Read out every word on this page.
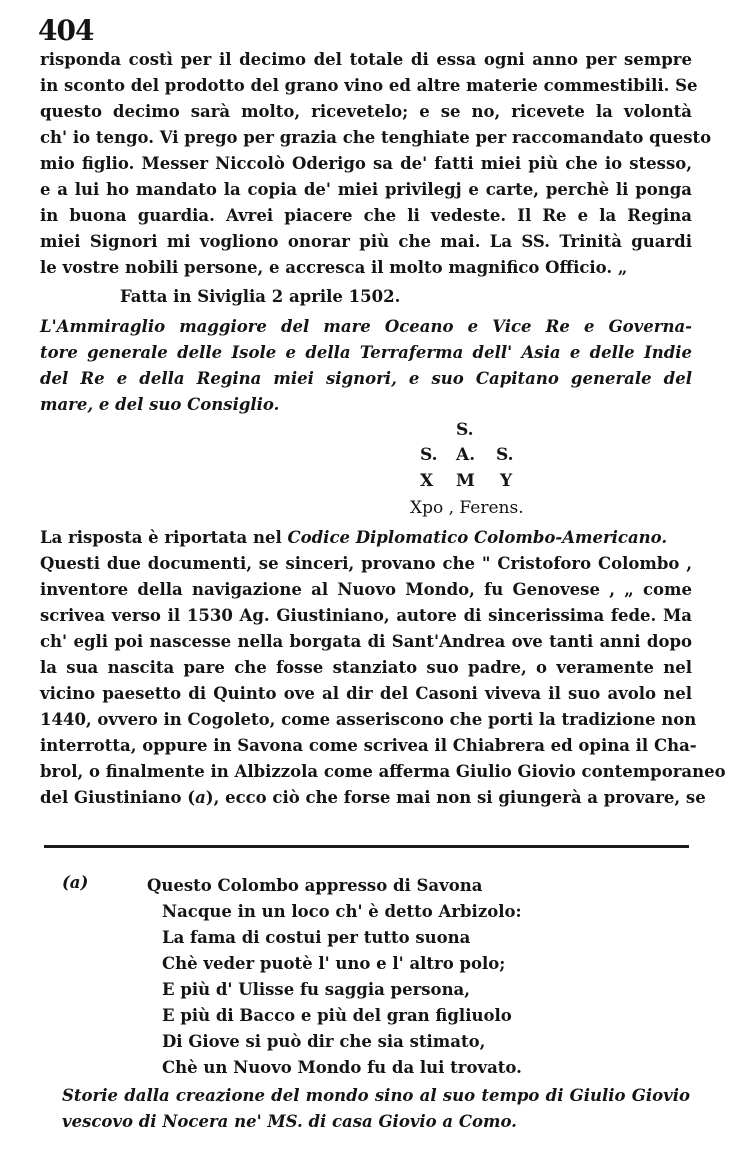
404
risponda costì per il decimo del totale di essa ogni anno per sempre
in sconto del prodotto del grano vino ed altre materie commestibili. Se
questo decimo sarà molto, ricevetelo; e se no, ricevete la volontà
ch' io tengo. Vi prego per grazia che tenghiate per raccomandato questo
mio figlio. Messer Niccolò Oderigo sa de' fatti miei più che io stesso,
e a lui ho mandato la copia de' miei privilegj e carte, perchè li ponga
in buona guardia. Avrei piacere che li vedeste. Il Re e la Regina
miei Signori mi vogliono onorar più che mai. La SS. Trinità guardi
le vostre nobili persone, e accresca il molto magnifico Officio. „
Fatta in Siviglia 2 aprile 1502.
L'Ammiraglio maggiore del mare Oceano e Vice Re e Governa-
tore generale delle Isole e della Terraferma dell' Asia e delle Indie
del Re e della Regina miei signori, e suo Capitano generale del
mare, e del suo Consiglio.
S.
S. A. S.
X M Y
Xpo , Ferens.
La risposta è riportata nel Codice Diplomatico Colombo-Americano.
Questi due documenti, se sinceri, provano che " Cristoforo Colombo ,
inventore della navigazione al Nuovo Mondo, fu Genovese , „ come
scrivea verso il 1530 Ag. Giustiniano, autore di sincerissima fede. Ma
ch' egli poi nascesse nella borgata di Sant'Andrea ove tanti anni dopo
la sua nascita pare che fosse stanziato suo padre, o veramente nel
vicino paesetto di Quinto ove al dir del Casoni viveva il suo avolo nel
1440, ovvero in Cogoleto, come asseriscono che porti la tradizione non
interrotta, oppure in Savona come scrivea il Chiabrera ed opina il Cha-
brol, o finalmente in Albizzola come afferma Giulio Giovio contemporaneo
del Giustiniano (a), ecco ciò che forse mai non si giungerà a provare, se
(a)	Questo Colombo appresso di Savona
Nacque in un loco ch' è detto Arbizolo:
La fama di costui per tutto suona
Chè veder puotè l' uno e l' altro polo;
E più d' Ulisse fu saggia persona,
E più di Bacco e più del gran figliuolo
Di Giove si può dir che sia stimato,
Chè un Nuovo Mondo fu da lui trovato.
Storie dalla creazione del mondo sino al suo tempo di Giulio Giovio
vescovo di Nocera ne' MS. di casa Giovio a Como.
